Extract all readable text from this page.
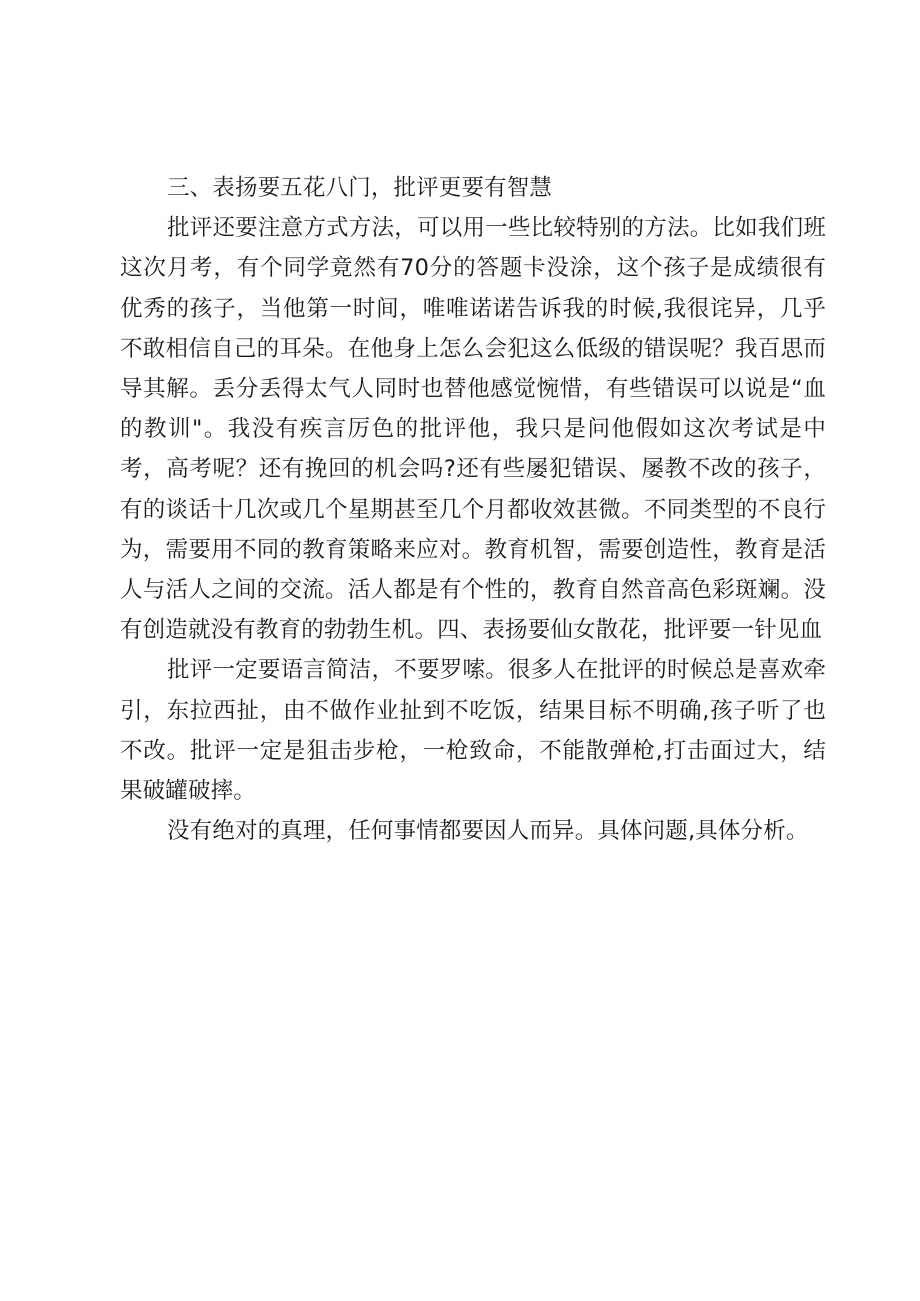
三、表扬要五花八门，批评更要有智慧

批评还要注意方式方法，可以用一些比较特别的方法。比如我们班这次月考，有个同学竟然有70分的答题卡没涂，这个孩子是成绩很有优秀的孩子，当他第一时间，唯唯诺诺告诉我的时候,我很诧异，几乎不敢相信自己的耳朵。在他身上怎么会犯这么低级的错误呢？我百思而导其解。丢分丢得太气人同时也替他感觉惋惜，有些错误可以说是“血的教训"。我没有疾言厉色的批评他，我只是问他假如这次考试是中考，高考呢？还有挽回的机会吗?还有些屡犯错误、屡教不改的孩子，有的谈话十几次或几个星期甚至几个月都收效甚微。不同类型的不良行为，需要用不同的教育策略来应对。教育机智，需要创造性，教育是活人与活人之间的交流。活人都是有个性的，教育自然音高色彩斑斓。没有创造就没有教育的勃勃生机。四、表扬要仙女散花，批评要一针见血

批评一定要语言简洁，不要罗嗦。很多人在批评的时候总是喜欢牵引，东拉西扯，由不做作业扯到不吃饭，结果目标不明确,孩子听了也不改。批评一定是狙击步枪，一枪致命，不能散弹枪,打击面过大，结果破罐破摔。

没有绝对的真理，任何事情都要因人而异。具体问题,具体分析。
